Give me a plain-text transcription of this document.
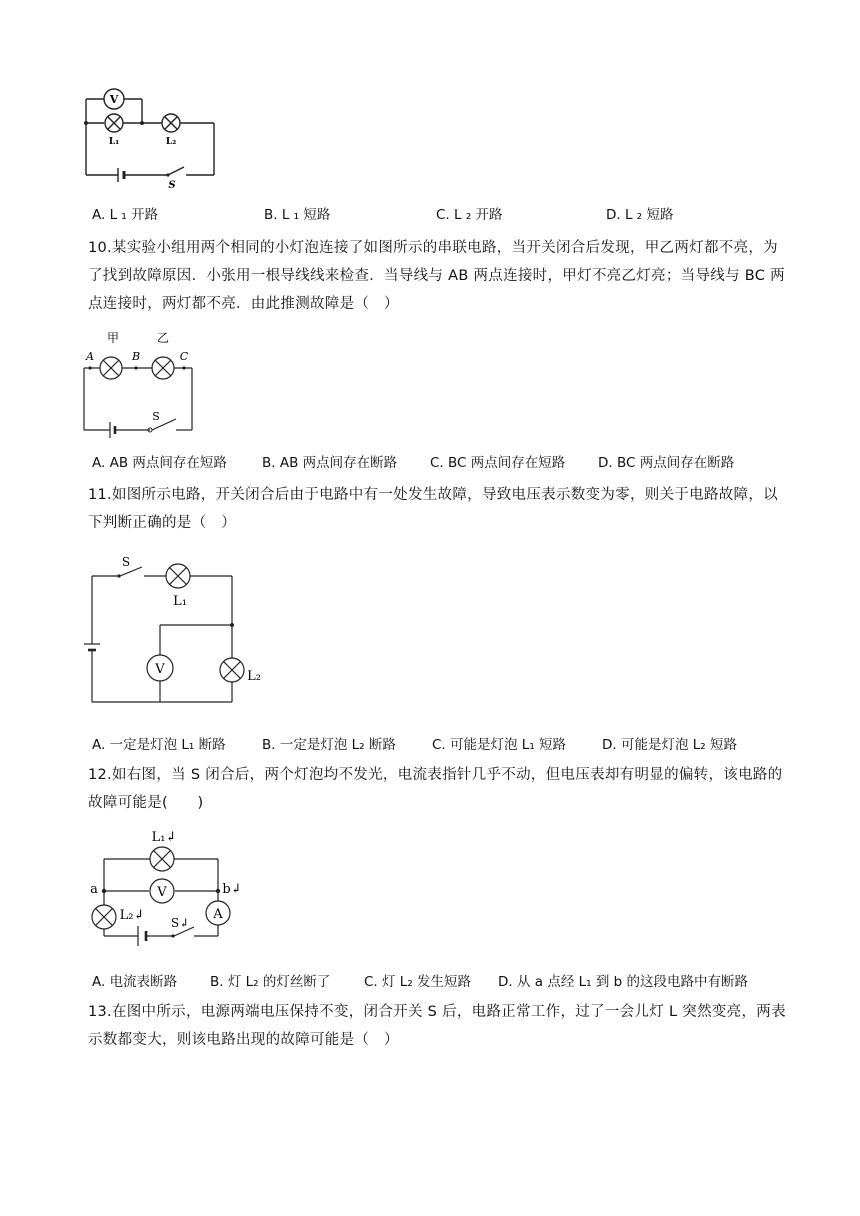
V
L₁	L₂
S
A. L ₁ 开路	B. L ₁ 短路	C. L ₂ 开路	D. L ₂ 短路
10.某实验小组用两个相同的小灯泡连接了如图所示的串联电路，当开关闭合后发现，甲乙两灯都不亮，为了找到故障原因．小张用一根导线线来检查．当导线与 AB 两点连接时，甲灯不亮乙灯亮；当导线与 BC 两点连接时，两灯都不亮．由此推测故障是（　）
A	B	C
甲	乙
S
A. AB 两点间存在短路	B. AB 两点间存在断路 C. BC 两点间存在短路 D. BC 两点间存在断路
11.如图所示电路，开关闭合后由于电路中有一处发生故障，导致电压表示数变为零，则关于电路故障，以下判断正确的是（　）
S
V
L₁
L₂
A. 一定是灯泡 L₁ 断路	B. 一定是灯泡 L₂ 断路	C. 可能是灯泡 L₁ 短路	D. 可能是灯泡 L₂ 短路
12.如右图，当 S 闭合后，两个灯泡均不发光，电流表指针几乎不动，但电压表却有明显的偏转，该电路的故障可能是(　　)
L₁↲
L₂↲
V
A
S↲
a	b↲
A. 电流表断路 B. 灯 L₂ 的灯丝断了 C. 灯 L₂ 发生短路 D. 从 a 点经 L₁ 到 b 的这段电路中有断路
13.在图中所示，电源两端电压保持不变，闭合开关 S 后，电路正常工作，过了一会儿灯 L 突然变亮，两表示数都变大，则该电路出现的故障可能是（　）
